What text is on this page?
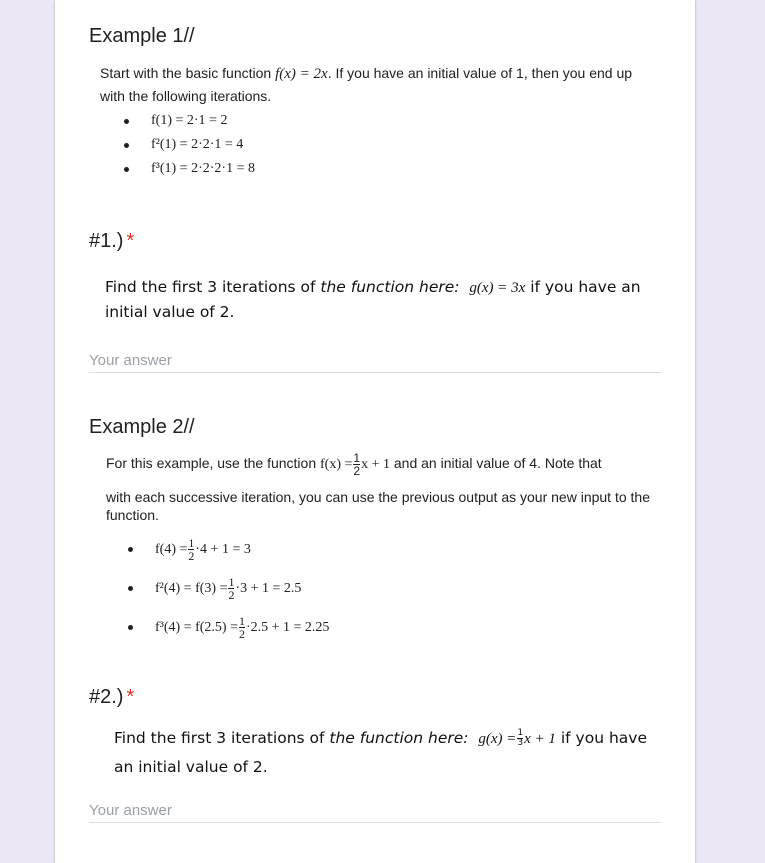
Example 1//
Start with the basic function f(x) = 2x. If you have an initial value of 1, then you end up with the following iterations.
f(1) = 2·1 = 2
f²(1) = 2·2·1 = 4
f³(1) = 2·2·2·1 = 8
#1.) *
Find the first 3 iterations of the function here: g(x) = 3x if you have an initial value of 2.
Your answer
Example 2//
For this example, use the function $f(x) = \frac{1}{2}$ x + 1 and an initial value of 4. Note that
with each successive iteration, you can use the previous output as your new input to the function.
$f(4) = \frac{1}{2} \cdot 4 + 1 = 3$
$f^2(4) = f(3) = \frac{1}{2} \cdot 3 + 1 = 2.5$
$f^3(4) = f(2.5) = \frac{1}{2} \cdot 2.5 + 1 = 2.25$
#2.) *
Find the first 3 iterations of the function here: $g(x) = \frac{1}{3}$ x + 1 if you have an initial value of 2.
Your answer
